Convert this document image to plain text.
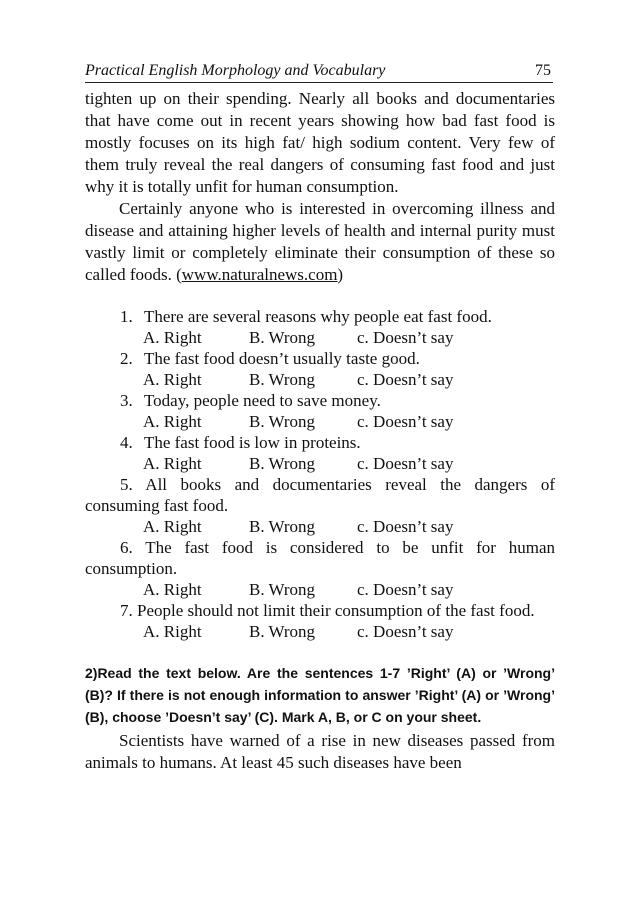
Practical English Morphology and Vocabulary	75

tighten up on their spending. Nearly all books and documentaries that have come out in recent years showing how bad fast food is mostly focuses on its high fat/ high sodium content. Very few of them truly reveal the real dangers of consuming fast food and just why it is totally unfit for human consumption.

Certainly anyone who is interested in overcoming illness and disease and attaining higher levels of health and internal purity must vastly limit or completely eliminate their consumption of these so called foods. (www.naturalnews.com)

1. There are several reasons why people eat fast food.
A. Right	B. Wrong c. Doesn’t say
2. The fast food doesn’t usually taste good.
A. Right	B. Wrong c. Doesn’t say
3. Today, people need to save money.
A. Right	B. Wrong c. Doesn’t say
4. The fast food is low in proteins.
A. Right	B. Wrong c. Doesn’t say
5. All books and documentaries reveal the dangers of consuming fast food.
A. Right	B. Wrong c. Doesn’t say
6. The fast food is considered to be unfit for human consumption.
A. Right	B. Wrong c. Doesn’t say
7. People should not limit their consumption of the fast food.
A. Right	B. Wrong c. Doesn’t say

2)Read the text below. Are the sentences 1-7 ’Right’ (A) or ’Wrong’ (B)? If there is not enough information to answer ’Right’ (A) or ’Wrong’ (B), choose ’Doesn’t say’ (C). Mark A, B, or C on your sheet.

Scientists have warned of a rise in new diseases passed from animals to humans. At least 45 such diseases have been
